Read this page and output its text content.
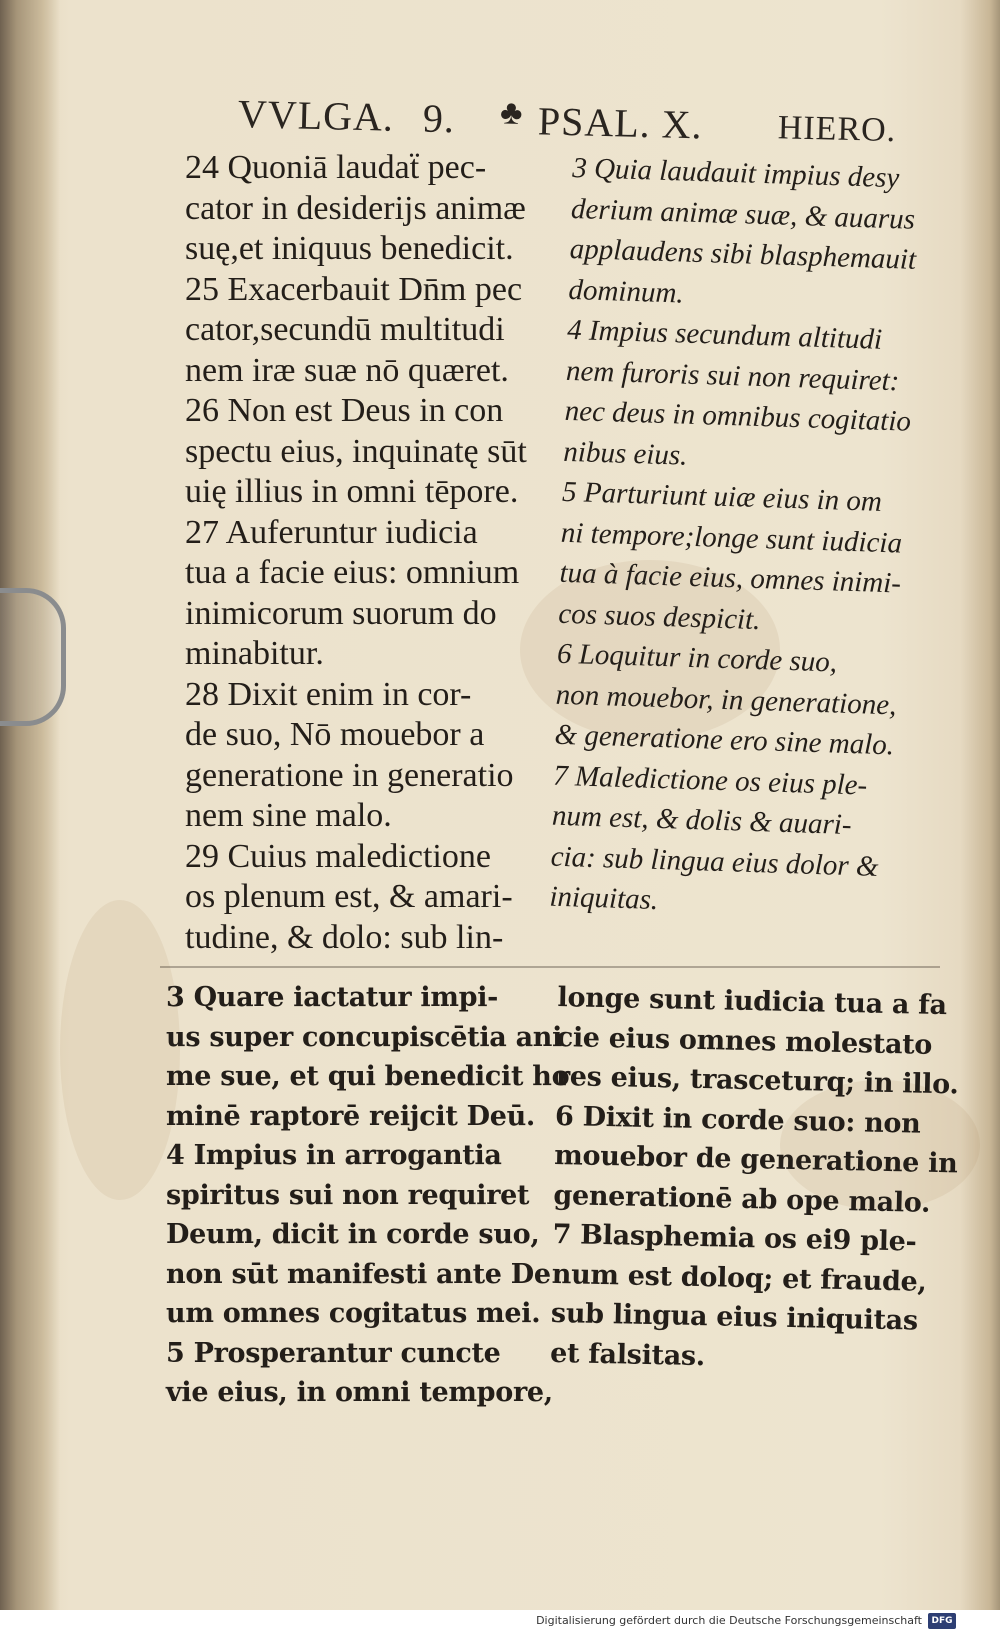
VVLGA. 9. ♣ PSAL. X. HIERO.
24 Quoniā laudaẗ pec-
cator in desiderijs animæ
suę,et iniquus benedicit.
25 Exacerbauit Dn̄m pec
cator,secundū multitudi
nem iræ suæ nō quæret.
26 Non est Deus in con
spectu eius, inquinatę sūt
uię illius in omni tēpore.
27 Auferuntur iudicia
tua a facie eius: omnium
inimicorum suorum do
minabitur.
28 Dixit enim in cor-
de suo, Nō mouebor a
generatione in generatio
nem sine malo.
29 Cuius maledictione
os plenum est, & amari-
tudine, & dolo: sub lin-
3 Quia laudauit impius desy
derium animæ suæ, & auarus
applaudens sibi blasphemauit
dominum.
4 Impius secundum altitudi
nem furoris sui non requiret:
nec deus in omnibus cogitatio
nibus eius.
5 Parturiunt uiæ eius in om
ni tempore;longe sunt iudicia
tua à facie eius, omnes inimi-
cos suos despicit.
6 Loquitur in corde suo,
non mouebor, in generatione,
& generatione ero sine malo.
7 Maledictione os eius ple-
num est, & dolis & auari-
cia: sub lingua eius dolor &
iniquitas.
3 Quare iactatur impi-
us super concupiscētia ani
me sue, et qui benedicit ho
minē raptorē reijcit Deū.
4 Impius in arrogantia
spiritus sui non requiret
Deum, dicit in corde suo,
non sūt manifesti ante De
um omnes cogitatus mei.
5 Prosperantur cuncte
vie eius, in omni tempore,
longe sunt iudicia tua a fa
cie eius omnes molestato
res eius, trasceturq; in illo.
6 Dixit in corde suo: non
mouebor de generatione in
generationē ab ope malo.
7 Blasphemia os ei9 ple-
num est doloq; et fraude,
sub lingua eius iniquitas
et falsitas.
Digitalisierung gefördert durch die Deutsche Forschungsgemeinschaft	DFG
